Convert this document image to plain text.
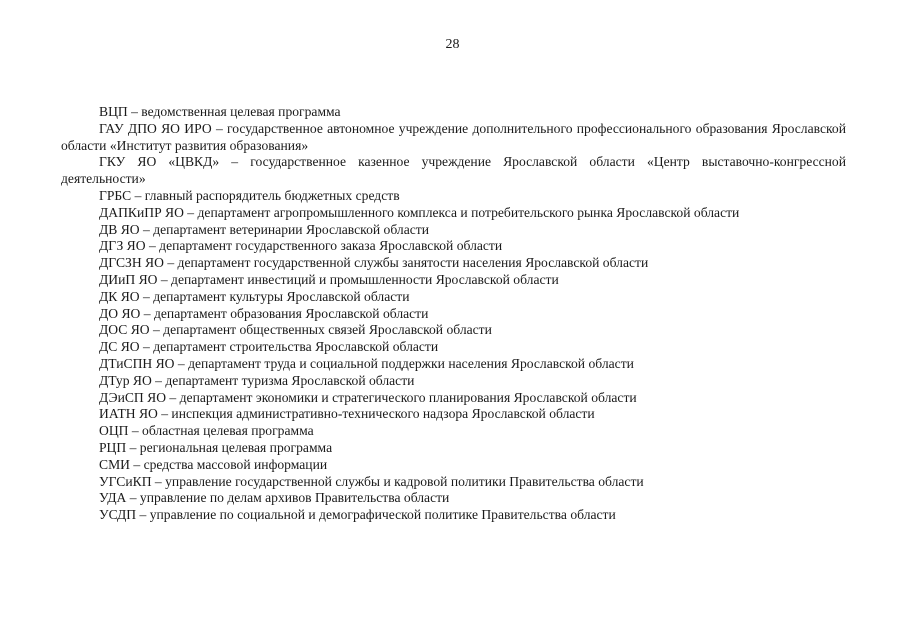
28
ВЦП – ведомственная целевая программа
ГАУ ДПО ЯО ИРО – государственное автономное учреждение дополнительного профессионального образования Ярославской области «Институт развития образования»
ГКУ ЯО «ЦВКД» – государственное казенное учреждение Ярославской области «Центр выставочно-конгрессной деятельности»
ГРБС – главный распорядитель бюджетных средств
ДАПКиПР ЯО – департамент агропромышленного комплекса и потребительского рынка Ярославской области
ДВ ЯО – департамент ветеринарии Ярославской области
ДГЗ ЯО – департамент государственного заказа Ярославской области
ДГСЗН ЯО – департамент государственной службы занятости населения Ярославской области
ДИиП ЯО – департамент инвестиций и промышленности Ярославской области
ДК ЯО – департамент культуры Ярославской области
ДО ЯО – департамент образования Ярославской области
ДОС ЯО – департамент общественных связей Ярославской области
ДС ЯО – департамент строительства Ярославской области
ДТиСПН ЯО – департамент труда и социальной поддержки населения Ярославской области
ДТур ЯО – департамент туризма Ярославской области
ДЭиСП ЯО – департамент экономики и стратегического планирования Ярославской области
ИАТН ЯО – инспекция административно-технического надзора Ярославской области
ОЦП – областная целевая программа
РЦП – региональная целевая программа
СМИ – средства массовой информации
УГСиКП – управление государственной службы и кадровой политики Правительства области
УДА – управление по делам архивов Правительства области
УСДП – управление по социальной и демографической политике Правительства области
